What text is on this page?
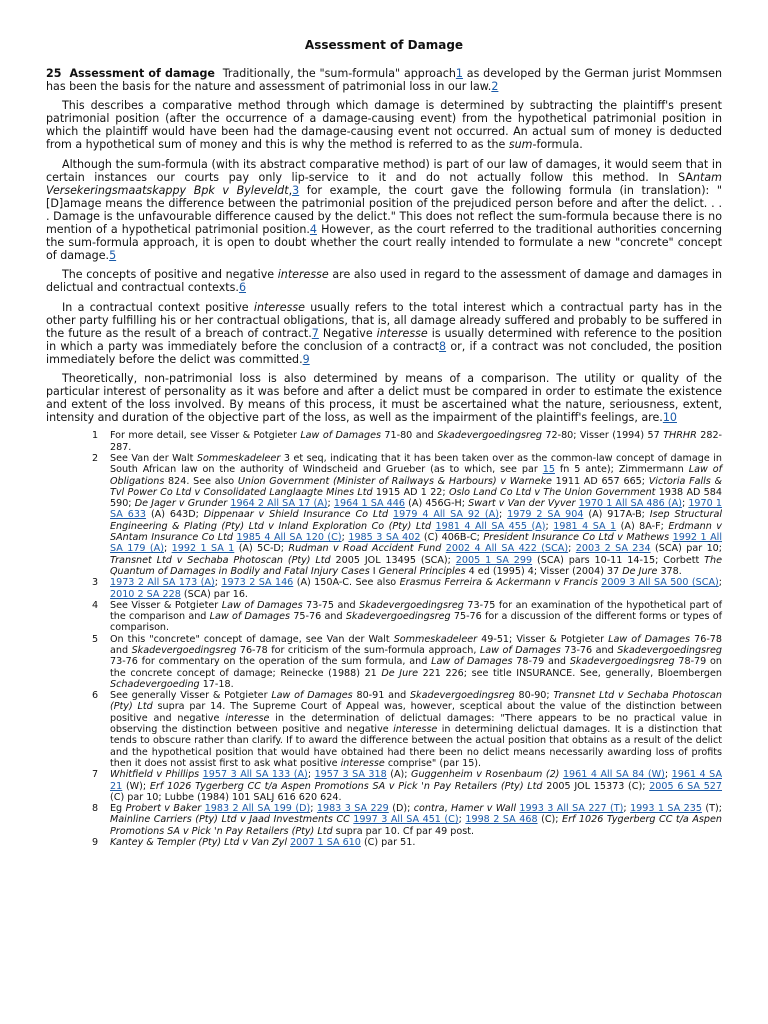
Assessment of Damage

25 Assessment of damage Traditionally, the "sum-formula" approach1 as developed by the German jurist Mommsen has been the basis for the nature and assessment of patrimonial loss in our law.2

This describes a comparative method through which damage is determined by subtracting the plaintiff's present patrimonial position (after the occurrence of a damage-causing event) from the hypothetical patrimonial position in which the plaintiff would have been had the damage-causing event not occurred. An actual sum of money is deducted from a hypothetical sum of money and this is why the method is referred to as the sum-formula.

Although the sum-formula (with its abstract comparative method) is part of our law of damages, it would seem that in certain instances our courts pay only lip-service to it and do not actually follow this method. In SAntam Versekeringsmaatskappy Bpk v Byleveldt,3 for example, the court gave the following formula (in translation): " [D]amage means the difference between the patrimonial position of the prejudiced person before and after the delict. . . . Damage is the unfavourable difference caused by the delict." This does not reflect the sum-formula because there is no mention of a hypothetical patrimonial position.4 However, as the court referred to the traditional authorities concerning the sum-formula approach, it is open to doubt whether the court really intended to formulate a new "concrete" concept of damage.5

The concepts of positive and negative interesse are also used in regard to the assessment of damage and damages in delictual and contractual contexts.6

In a contractual context positive interesse usually refers to the total interest which a contractual party has in the other party fulfilling his or her contractual obligations, that is, all damage already suffered and probably to be suffered in the future as the result of a breach of contract.7 Negative interesse is usually determined with reference to the position in which a party was immediately before the conclusion of a contract8 or, if a contract was not concluded, the position immediately before the delict was committed.9

Theoretically, non-patrimonial loss is also determined by means of a comparison. The utility or quality of the particular interest of personality as it was before and after a delict must be compared in order to estimate the existence and extent of the loss involved. By means of this process, it must be ascertained what the nature, seriousness, extent, intensity and duration of the objective part of the loss, as well as the impairment of the plaintiff's feelings, are.10

1	For more detail, see Visser & Potgieter Law of Damages 71-80 and Skadevergoedingsreg 72-80; Visser (1994) 57 THRHR 282-287.
2	See Van der Walt Sommeskadeleer 3 et seq, indicating that it has been taken over as the common-law concept of damage in South African law on the authority of Windscheid and Grueber (as to which, see par 15 fn 5 ante); Zimmermann Law of Obligations 824. See also Union Government (Minister of Railways & Harbours) v Warneke 1911 AD 657 665; Victoria Falls & Tvl Power Co Ltd v Consolidated Langlaagte Mines Ltd 1915 AD 1 22; Oslo Land Co Ltd v The Union Government 1938 AD 584 590; De Jager v Grunder 1964 2 All SA 17 (A); 1964 1 SA 446 (A) 456G-H; Swart v Van der Vyver 1970 1 All SA 486 (A); 1970 1 SA 633 (A) 643D; Dippenaar v Shield Insurance Co Ltd 1979 4 All SA 92 (A); 1979 2 SA 904 (A) 917A-B; Isep Structural Engineering & Plating (Pty) Ltd v Inland Exploration Co (Pty) Ltd 1981 4 All SA 455 (A); 1981 4 SA 1 (A) 8A-F; Erdmann v SAntam Insurance Co Ltd 1985 4 All SA 120 (C); 1985 3 SA 402 (C) 406B-C; President Insurance Co Ltd v Mathews 1992 1 All SA 179 (A); 1992 1 SA 1 (A) 5C-D; Rudman v Road Accident Fund 2002 4 All SA 422 (SCA); 2003 2 SA 234 (SCA) par 10; Transnet Ltd v Sechaba Photoscan (Pty) Ltd 2005 JOL 13495 (SCA); 2005 1 SA 299 (SCA) pars 10-11 14-15; Corbett The Quantum of Damages in Bodily and Fatal Injury Cases I General Principles 4 ed (1995) 4; Visser (2004) 37 De Jure 378.
3	1973 2 All SA 173 (A); 1973 2 SA 146 (A) 150A-C. See also Erasmus Ferreira & Ackermann v Francis 2009 3 All SA 500 (SCA); 2010 2 SA 228 (SCA) par 16.
4	See Visser & Potgieter Law of Damages 73-75 and Skadevergoedingsreg 73-75 for an examination of the hypothetical part of the comparison and Law of Damages 75-76 and Skadevergoedingsreg 75-76 for a discussion of the different forms or types of comparison.
5	On this "concrete" concept of damage, see Van der Walt Sommeskadeleer 49-51; Visser & Potgieter Law of Damages 76-78 and Skadevergoedingsreg 76-78 for criticism of the sum-formula approach, Law of Damages 73-76 and Skadevergoedingsreg 73-76 for commentary on the operation of the sum formula, and Law of Damages 78-79 and Skadevergoedingsreg 78-79 on the concrete concept of damage; Reinecke (1988) 21 De Jure 221 226; see title INSURANCE. See, generally, Bloembergen Schadevergoeding 17-18.
6	See generally Visser & Potgieter Law of Damages 80-91 and Skadevergoedingsreg 80-90; Transnet Ltd v Sechaba Photoscan (Pty) Ltd supra par 14. The Supreme Court of Appeal was, however, sceptical about the value of the distinction between positive and negative interesse in the determination of delictual damages: "There appears to be no practical value in observing the distinction between positive and negative interesse in determining delictual damages. It is a distinction that tends to obscure rather than clarify. If to award the difference between the actual position that obtains as a result of the delict and the hypothetical position that would have obtained had there been no delict means necessarily awarding loss of profits then it does not assist first to ask what positive interesse comprise" (par 15).
7	Whitfield v Phillips 1957 3 All SA 133 (A); 1957 3 SA 318 (A); Guggenheim v Rosenbaum (2) 1961 4 All SA 84 (W); 1961 4 SA 21 (W); Erf 1026 Tygerberg CC t/a Aspen Promotions SA v Pick 'n Pay Retailers (Pty) Ltd 2005 JOL 15373 (C); 2005 6 SA 527 (C) par 10; Lubbe (1984) 101 SALJ 616 620 624.
8	Eg Probert v Baker 1983 2 All SA 199 (D); 1983 3 SA 229 (D); contra, Hamer v Wall 1993 3 All SA 227 (T); 1993 1 SA 235 (T); Mainline Carriers (Pty) Ltd v Jaad Investments CC 1997 3 All SA 451 (C); 1998 2 SA 468 (C); Erf 1026 Tygerberg CC t/a Aspen Promotions SA v Pick 'n Pay Retailers (Pty) Ltd supra par 10. Cf par 49 post.
9	Kantey & Templer (Pty) Ltd v Van Zyl 2007 1 SA 610 (C) par 51.
